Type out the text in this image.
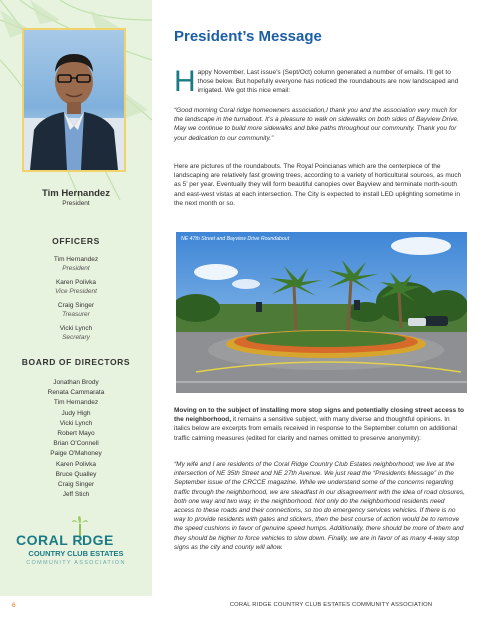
Tim Hernandez
President
OFFICERS
Tim Hernandez
President
Karen Polivka
Vice President
Craig Singer
Treasurer
Vicki Lynch
Secretary
BOARD OF DIRECTORS
Jonathan Brody
Renata Cammarata
Tim Hernandez
Judy High
Vicki Lynch
Robert Mayo
Brian O'Connell
Paige O'Mahoney
Karen Polivka
Bruce Qualley
Craig Singer
Jeff Stich
CORAL R
DGE
COUNTRY CLUB ESTATES
COMMUNITY ASSOCIATION
President’s Message

Happy November. Last issue’s (Sept/Oct) column generated a number of emails. I’ll get to those below. But hopefully everyone has noticed the roundabouts are now landscaped and irrigated. We got this nice email:

“Good morning Coral ridge homeowners association,I thank you and the association very much for the landscape in the turnabout. It’s a pleasure to walk on sidewalks on both sides of Bayview Drive. May we continue to build more sidewalks and bike paths throughout our community. Thank you for your dedication to our community.”

Here are pictures of the roundabouts. The Royal Poincianas which are the centerpiece of the landscaping are relatively fast growing trees, according to a variety of horticultural sources, as much as 5’ per year. Eventually they will form beautiful canopies over Bayview and terminate north-south and east-west vistas at each intersection. The City is expected to install LED uplighting sometime in the next month or so.

Moving on to the subject of installing more stop signs and potentially closing street access to the neighborhood, it remains a sensitive subject, with many diverse and thoughtful opinions. In italics below are excerpts from emails received in response to the September column on additional traffic calming measures (edited for clarity and names omitted to preserve anonymity):

“My wife and I are residents of the Coral Ridge Country Club Estates neighborhood; we live at the intersection of NE 35th Street and NE 27th Avenue. We just read the “Presidents Message” in the September issue of the CRCCE magazine. While we understand some of the concerns regarding traffic through the neighborhood, we are steadfast in our disagreement with the idea of road closures, both one way and two way, in the neighborhood. Not only do the neighborhood residents need access to these roads and their connections, so too do emergency services vehicles. If there is no way to provide residents with gates and stickers, then the best course of action would be to remove the speed cushions in favor of genuine speed humps. Additionally, there should be more of them and they should be higher to force vehicles to slow down. Finally, we are in favor of as many 4-way stop signs as the city and county will allow.

NE 47th Street and Bayview Drive Roundabout
6	CORAL RIDGE COUNTRY CLUB ESTATES COMMUNITY ASSOCIATION
